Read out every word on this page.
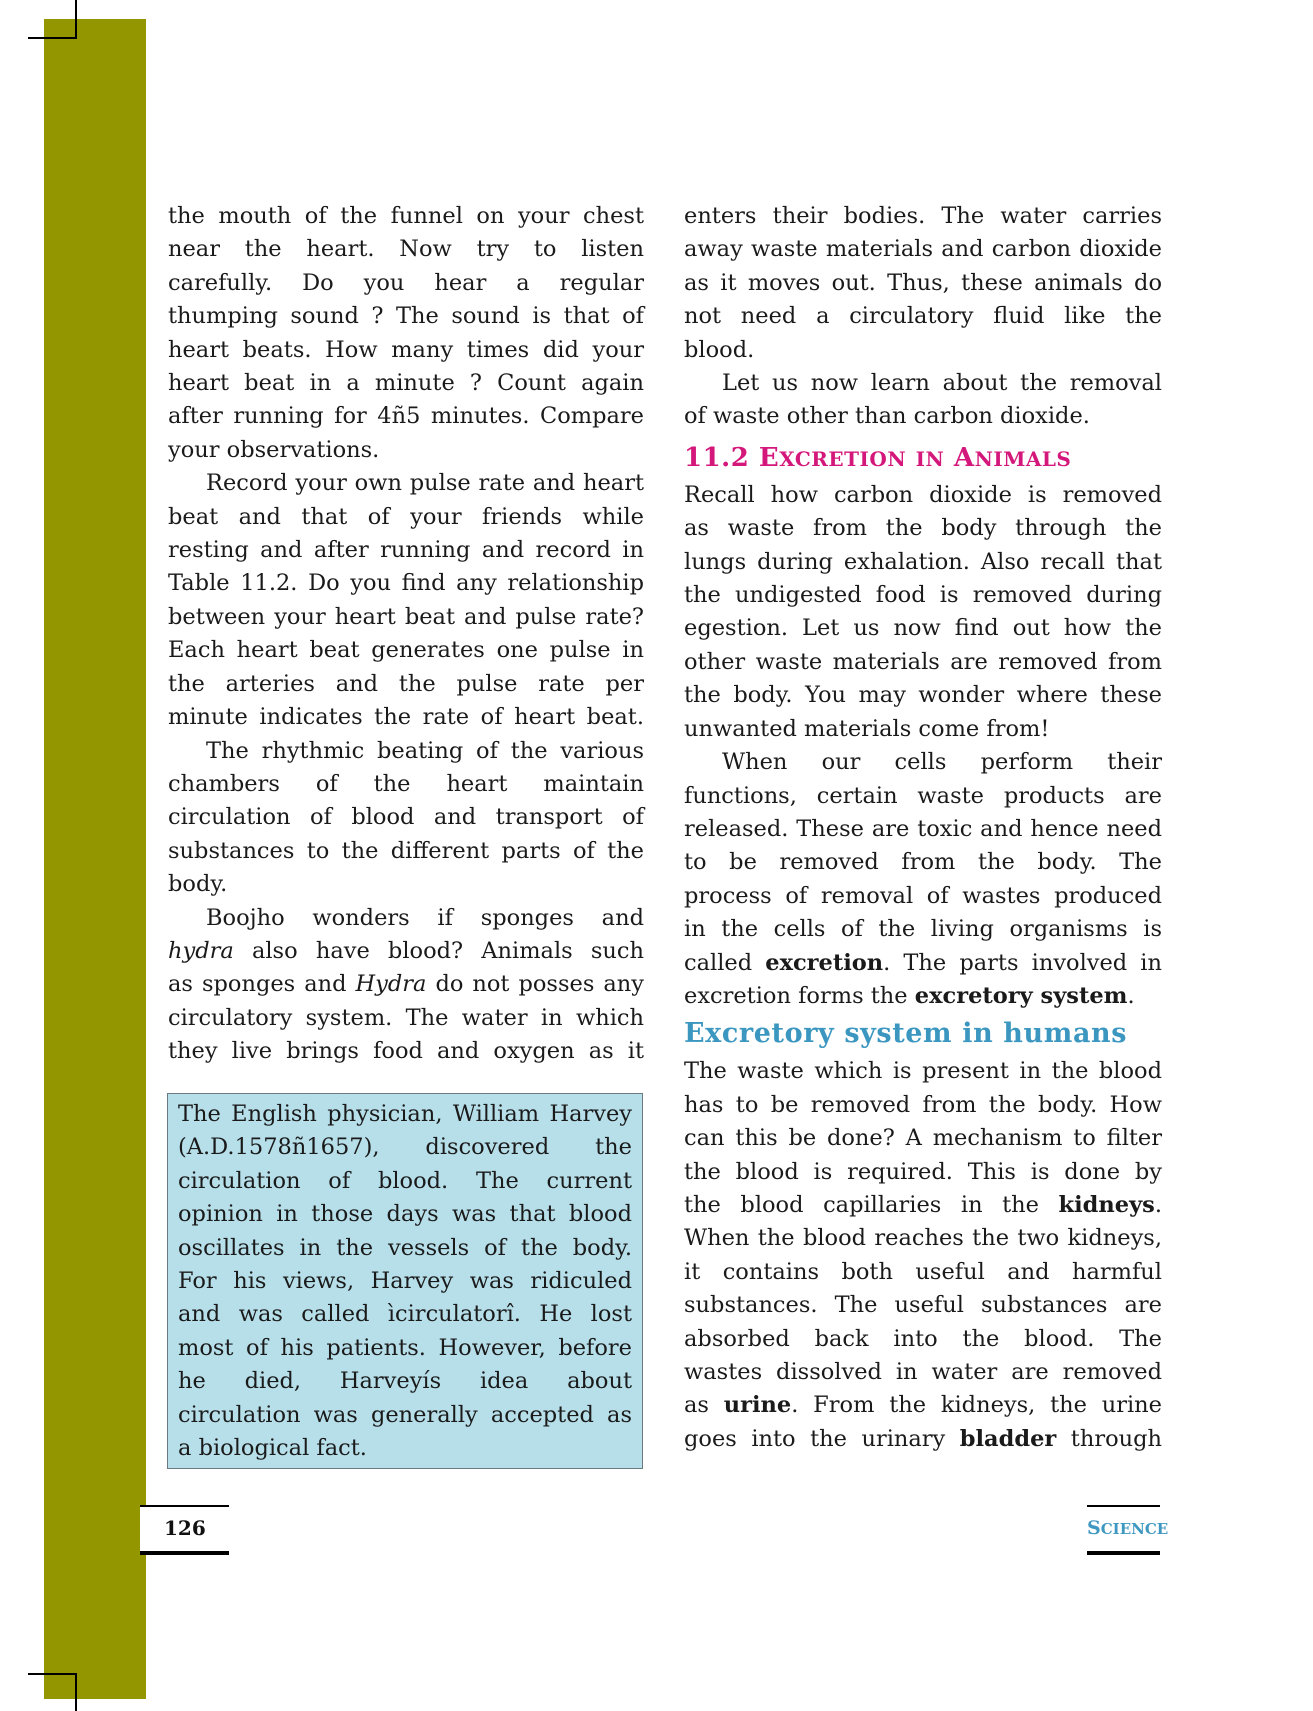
the mouth of the funnel on your chest
near the heart. Now try to listen
carefully. Do you hear a regular
thumping sound ? The sound is that of
heart beats. How many times did your
heart beat in a minute ? Count again
after running for 4ñ5 minutes. Compare
your observations.

Record your own pulse rate and heart
beat and that of your friends while
resting and after running and record in
Table 11.2. Do you find any relationship
between your heart beat and pulse rate?
Each heart beat generates one pulse in
the arteries and the pulse rate per
minute indicates the rate of heart beat.

The rhythmic beating of the various
chambers of the heart maintain
circulation of blood and transport of
substances to the different parts of the
body.

Boojho wonders if sponges and
hydra also have blood? Animals such
as sponges and Hydra do not posses any
circulatory system. The water in which
they live brings food and oxygen as it

The English physician, William Harvey
(A.D.1578ñ1657), discovered the
circulation of blood. The current
opinion in those days was that blood
oscillates in the vessels of the body.
For his views, Harvey was ridiculed
and was called ìcirculatorî. He lost
most of his patients. However, before
he died, Harveyís idea about
circulation was generally accepted as
a biological fact.

enters their bodies. The water carries
away waste materials and carbon dioxide
as it moves out. Thus, these animals do
not need a circulatory fluid like the
blood.

Let us now learn about the removal
of waste other than carbon dioxide.

11.2 EXCRETION IN ANIMALS

Recall how carbon dioxide is removed
as waste from the body through the
lungs during exhalation. Also recall that
the undigested food is removed during
egestion. Let us now find out how the
other waste materials are removed from
the body. You may wonder where these
unwanted materials come from!

When our cells perform their
functions, certain waste products are
released. These are toxic and hence need
to be removed from the body. The
process of removal of wastes produced
in the cells of the living organisms is
called excretion. The parts involved in
excretion forms the excretory system.

Excretory system in humans

The waste which is present in the blood
has to be removed from the body. How
can this be done? A mechanism to filter
the blood is required. This is done by
the blood capillaries in the kidneys.
When the blood reaches the two kidneys,
it contains both useful and harmful
substances. The useful substances are
absorbed back into the blood. The
wastes dissolved in water are removed
as urine. From the kidneys, the urine
goes into the urinary bladder through

126	SCIENCE
